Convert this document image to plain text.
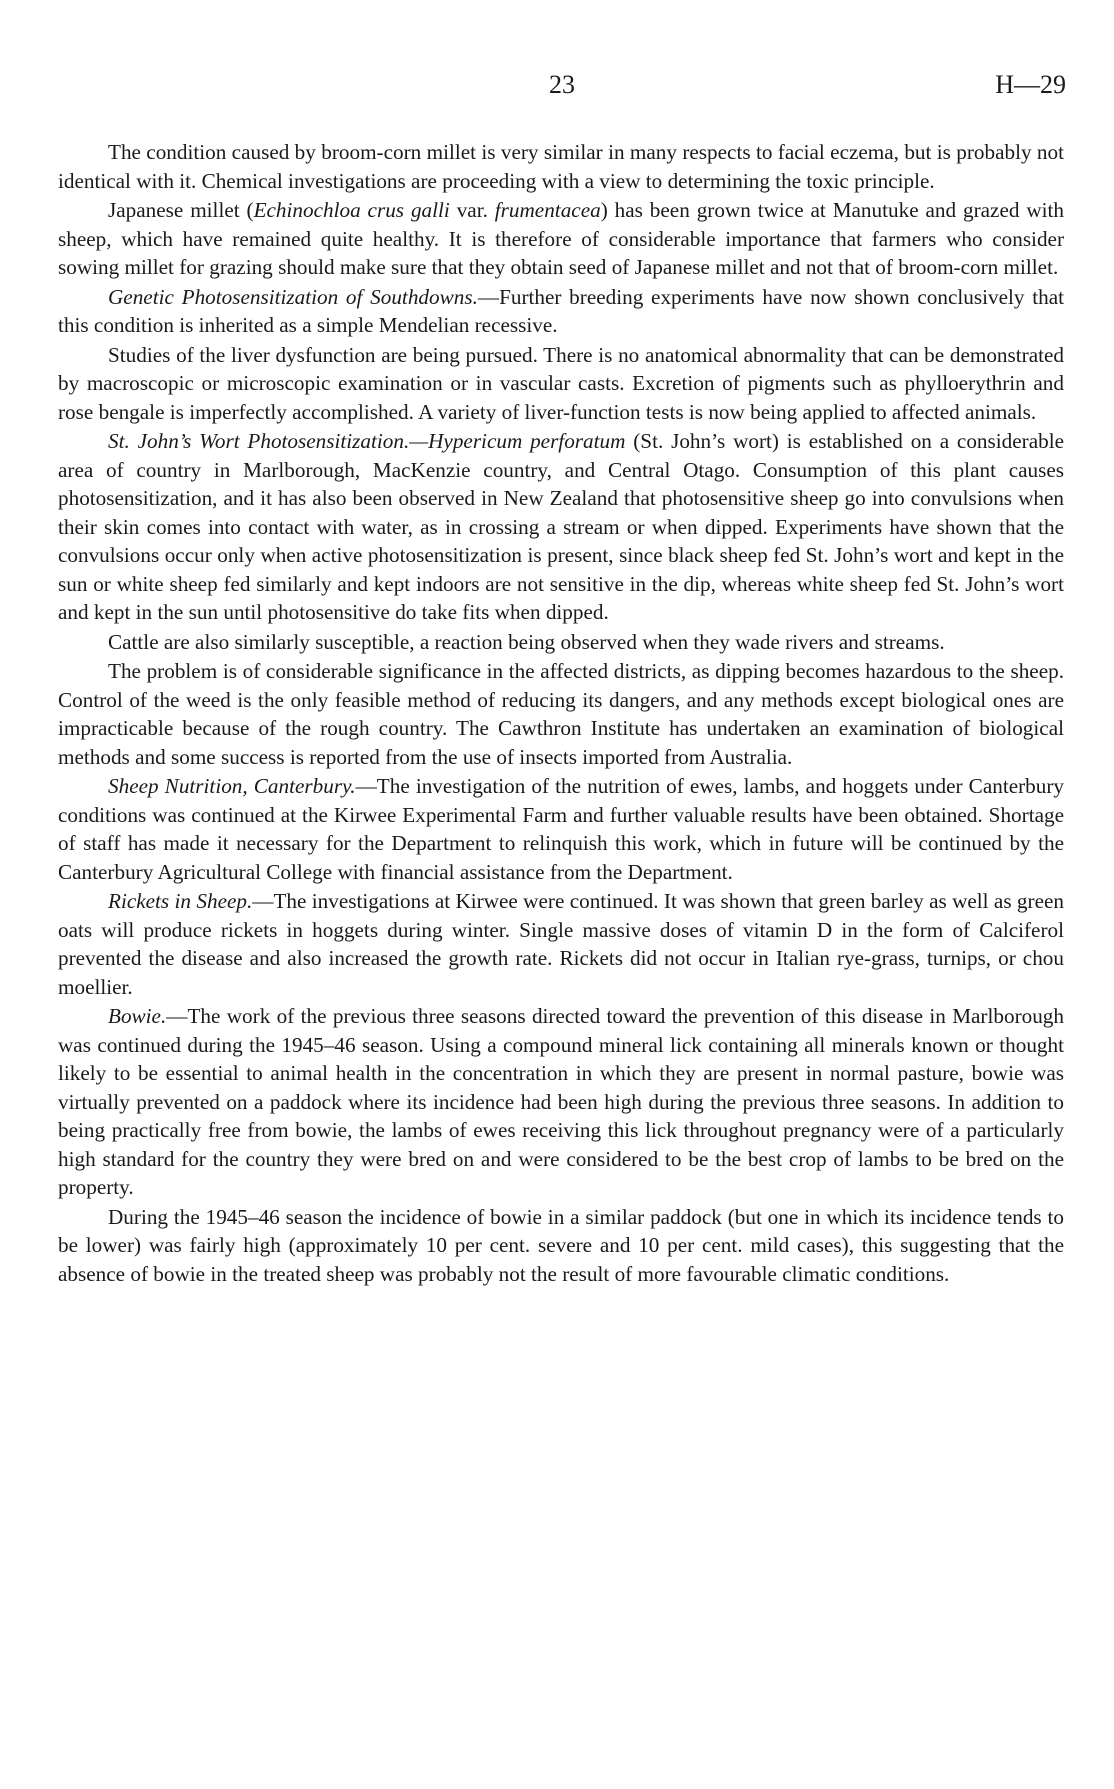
23	H—29

The condition caused by broom-corn millet is very similar in many respects to facial eczema, but is probably not identical with it. Chemical investigations are proceeding with a view to determining the toxic principle.

Japanese millet (Echinochloa crus galli var. frumentacea) has been grown twice at Manutuke and grazed with sheep, which have remained quite healthy. It is therefore of considerable importance that farmers who consider sowing millet for grazing should make sure that they obtain seed of Japanese millet and not that of broom-corn millet.

Genetic Photosensitization of Southdowns.—Further breeding experiments have now shown conclusively that this condition is inherited as a simple Mendelian recessive.

Studies of the liver dysfunction are being pursued. There is no anatomical abnormality that can be demonstrated by macroscopic or microscopic examination or in vascular casts. Excretion of pigments such as phylloerythrin and rose bengale is imperfectly accomplished. A variety of liver-function tests is now being applied to affected animals.

St. John’s Wort Photosensitization.—Hypericum perforatum (St. John’s wort) is established on a considerable area of country in Marlborough, MacKenzie country, and Central Otago. Consumption of this plant causes photosensitization, and it has also been observed in New Zealand that photosensitive sheep go into convulsions when their skin comes into contact with water, as in crossing a stream or when dipped. Experiments have shown that the convulsions occur only when active photosensitization is present, since black sheep fed St. John’s wort and kept in the sun or white sheep fed similarly and kept indoors are not sensitive in the dip, whereas white sheep fed St. John’s wort and kept in the sun until photosensitive do take fits when dipped.

Cattle are also similarly susceptible, a reaction being observed when they wade rivers and streams.

The problem is of considerable significance in the affected districts, as dipping becomes hazardous to the sheep. Control of the weed is the only feasible method of reducing its dangers, and any methods except biological ones are impracticable because of the rough country. The Cawthron Institute has undertaken an examination of biological methods and some success is reported from the use of insects imported from Australia.

Sheep Nutrition, Canterbury.—The investigation of the nutrition of ewes, lambs, and hoggets under Canterbury conditions was continued at the Kirwee Experimental Farm and further valuable results have been obtained. Shortage of staff has made it necessary for the Department to relinquish this work, which in future will be continued by the Canterbury Agricultural College with financial assistance from the Department.

Rickets in Sheep.—The investigations at Kirwee were continued. It was shown that green barley as well as green oats will produce rickets in hoggets during winter. Single massive doses of vitamin D in the form of Calciferol prevented the disease and also increased the growth rate. Rickets did not occur in Italian rye-grass, turnips, or chou moellier.

Bowie.—The work of the previous three seasons directed toward the prevention of this disease in Marlborough was continued during the 1945–46 season. Using a compound mineral lick containing all minerals known or thought likely to be essential to animal health in the concentration in which they are present in normal pasture, bowie was virtually prevented on a paddock where its incidence had been high during the previous three seasons. In addition to being practically free from bowie, the lambs of ewes receiving this lick throughout pregnancy were of a particularly high standard for the country they were bred on and were considered to be the best crop of lambs to be bred on the property.

During the 1945–46 season the incidence of bowie in a similar paddock (but one in which its incidence tends to be lower) was fairly high (approximately 10 per cent. severe and 10 per cent. mild cases), this suggesting that the absence of bowie in the treated sheep was probably not the result of more favourable climatic conditions.
